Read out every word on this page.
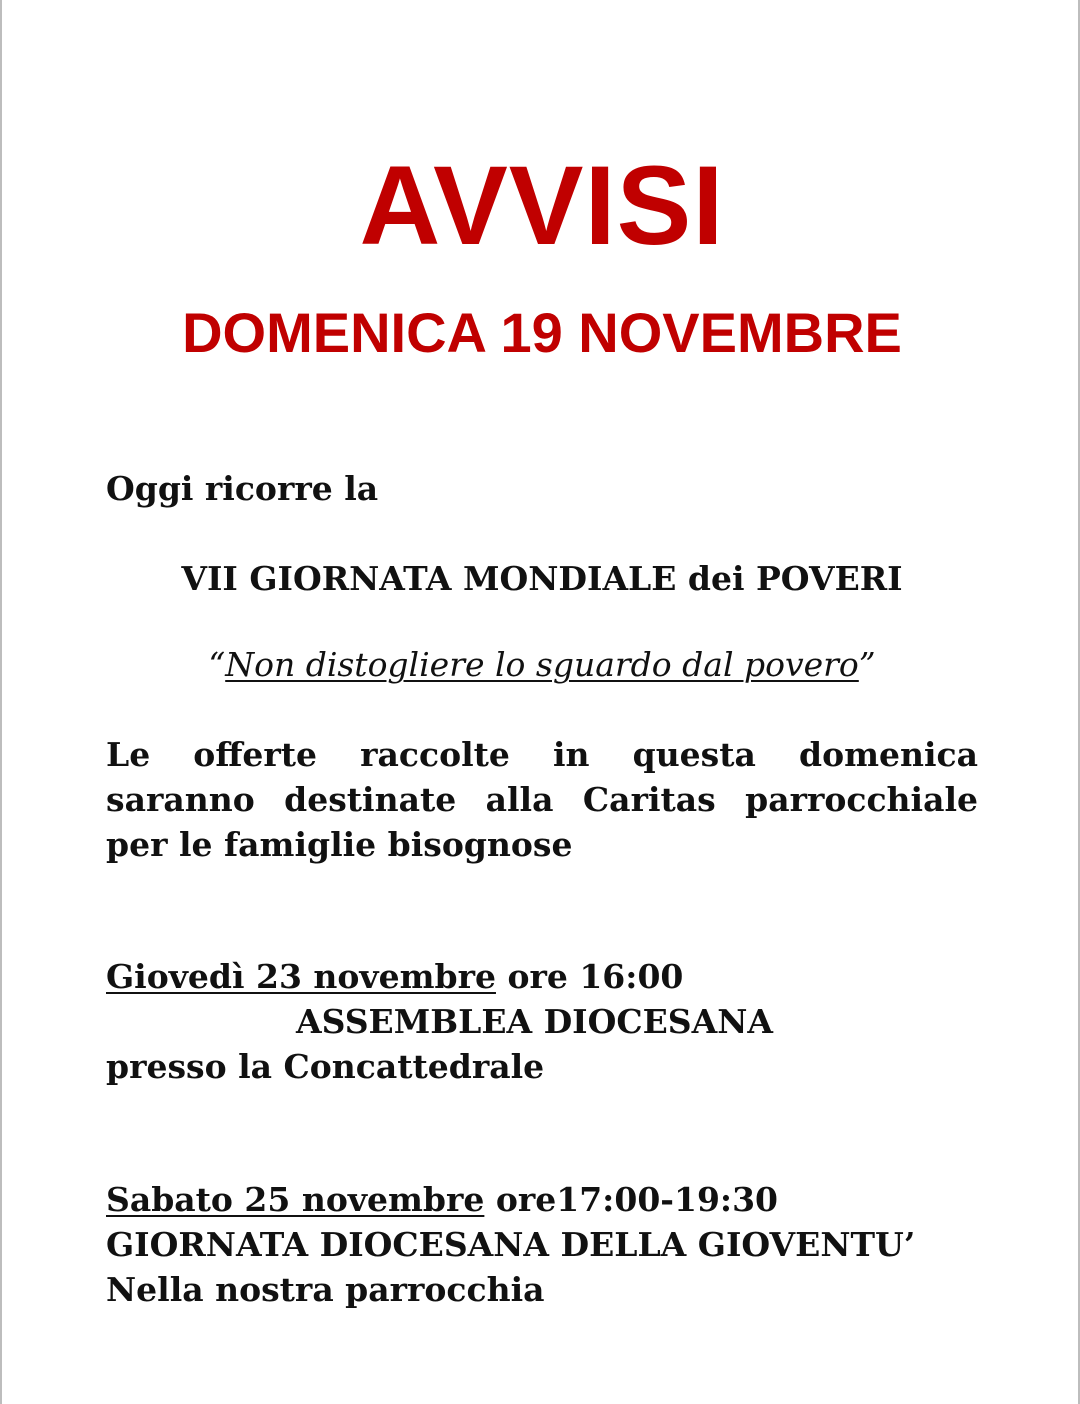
AVVISI
DOMENICA 19 NOVEMBRE
Oggi ricorre la
VII GIORNATA MONDIALE dei POVERI
“Non distogliere lo sguardo dal povero”
Le offerte raccolte in questa domenica saranno destinate alla Caritas parrocchiale per le famiglie bisognose
Giovedì 23 novembre ore 16:00
ASSEMBLEA DIOCESANA
presso la Concattedrale
Sabato 25 novembre ore17:00-19:30
GIORNATA DIOCESANA DELLA GIOVENTU’
Nella nostra parrocchia
